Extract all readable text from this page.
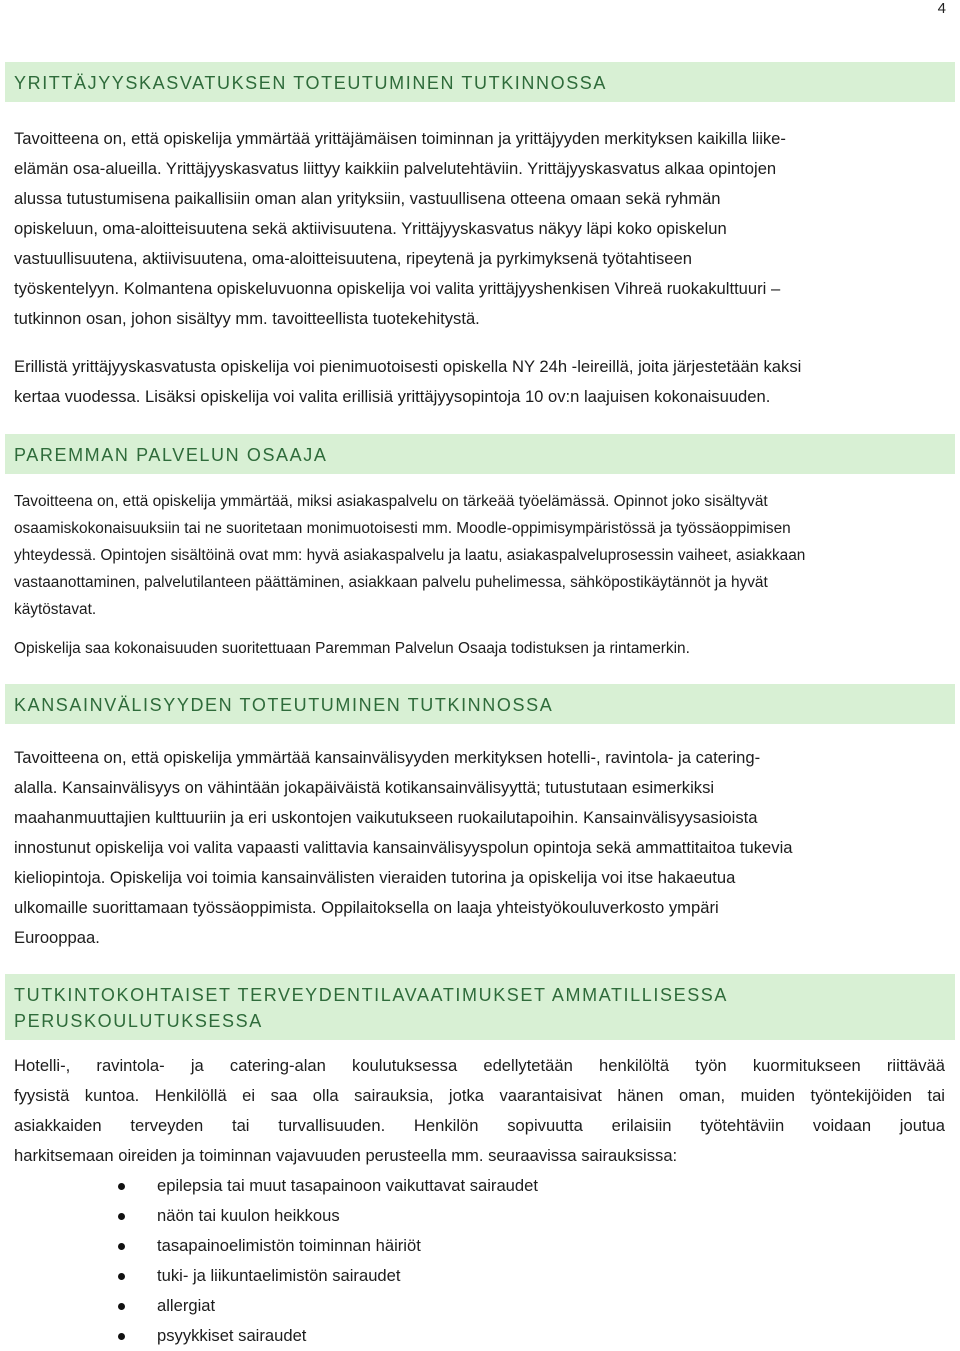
4
YRITTÄJYYSKASVATUKSEN TOTEUTUMINEN TUTKINNOSSA
Tavoitteena on, että opiskelija ymmärtää yrittäjämäisen toiminnan ja yrittäjyyden merkityksen kaikilla liike-
elämän osa-alueilla. Yrittäjyyskasvatus liittyy kaikkiin palvelutehtäviin. Yrittäjyyskasvatus alkaa opintojen
alussa tutustumisena paikallisiin oman alan yrityksiin, vastuullisena otteena omaan sekä ryhmän
opiskeluun, oma-aloitteisuutena sekä aktiivisuutena. Yrittäjyyskasvatus näkyy läpi koko opiskelun
vastuullisuutena, aktiivisuutena, oma-aloitteisuutena, ripeytenä ja pyrkimyksenä työtahtiseen
työskentelyyn. Kolmantena opiskeluvuonna opiskelija voi valita yrittäjyyshenkisen Vihreä ruokakulttuuri –
tutkinnon osan, johon sisältyy mm. tavoitteellista tuotekehitystä.
Erillistä yrittäjyyskasvatusta opiskelija voi pienimuotoisesti opiskella NY 24h -leireillä, joita järjestetään kaksi
kertaa vuodessa. Lisäksi opiskelija voi valita erillisiä yrittäjyysopintoja 10 ov:n laajuisen kokonaisuuden.
PAREMMAN PALVELUN OSAAJA
Tavoitteena on, että opiskelija ymmärtää, miksi asiakaspalvelu on tärkeää työelämässä. Opinnot joko sisältyvät
osaamiskokonaisuuksiin tai ne suoritetaan monimuotoisesti mm. Moodle-oppimisympäristössä ja työssäoppimisen
yhteydessä. Opintojen sisältöinä ovat mm: hyvä asiakaspalvelu ja laatu, asiakaspalveluprosessin vaiheet, asiakkaan
vastaanottaminen, palvelutilanteen päättäminen, asiakkaan palvelu puhelimessa, sähköpostikäytännöt ja hyvät
käytöstavat.
Opiskelija saa kokonaisuuden suoritettuaan Paremman Palvelun Osaaja todistuksen ja rintamerkin.
KANSAINVÄLISYYDEN TOTEUTUMINEN TUTKINNOSSA
Tavoitteena on, että opiskelija ymmärtää kansainvälisyyden merkityksen hotelli-, ravintola- ja catering-
alalla. Kansainvälisyys on vähintään jokapäiväistä kotikansainvälisyyttä; tutustutaan esimerkiksi
maahanmuuttajien kulttuuriin ja eri uskontojen vaikutukseen ruokailutapoihin. Kansainvälisyysasioista
innostunut opiskelija voi valita vapaasti valittavia kansainvälisyyspolun opintoja sekä ammattitaitoa tukevia
kieliopintoja. Opiskelija voi toimia kansainvälisten vieraiden tutorina ja opiskelija voi itse hakaeutua
ulkomaille suorittamaan työssäoppimista. Oppilaitoksella on laaja yhteistyökouluverkosto ympäri
Eurooppaa.
TUTKINTOKOHTAISET TERVEYDENTILAVAATIMUKSET AMMATILLISESSA
PERUSKOULUTUKSESSA
Hotelli-, ravintola- ja catering-alan koulutuksessa edellytetään henkilöltä työn kuormitukseen riittävää
fyysistä kuntoa. Henkilöllä ei saa olla sairauksia, jotka vaarantaisivat hänen oman, muiden työntekijöiden tai
asiakkaiden terveyden tai turvallisuuden. Henkilön sopivuutta erilaisiin työtehtäviin voidaan joutua
harkitsemaan oireiden ja toiminnan vajavuuden perusteella mm. seuraavissa sairauksissa:
epilepsia tai muut tasapainoon vaikuttavat sairaudet
näön tai kuulon heikkous
tasapainoelimistön toiminnan häiriöt
tuki- ja liikuntaelimistön sairaudet
allergiat
psyykkiset sairaudet
